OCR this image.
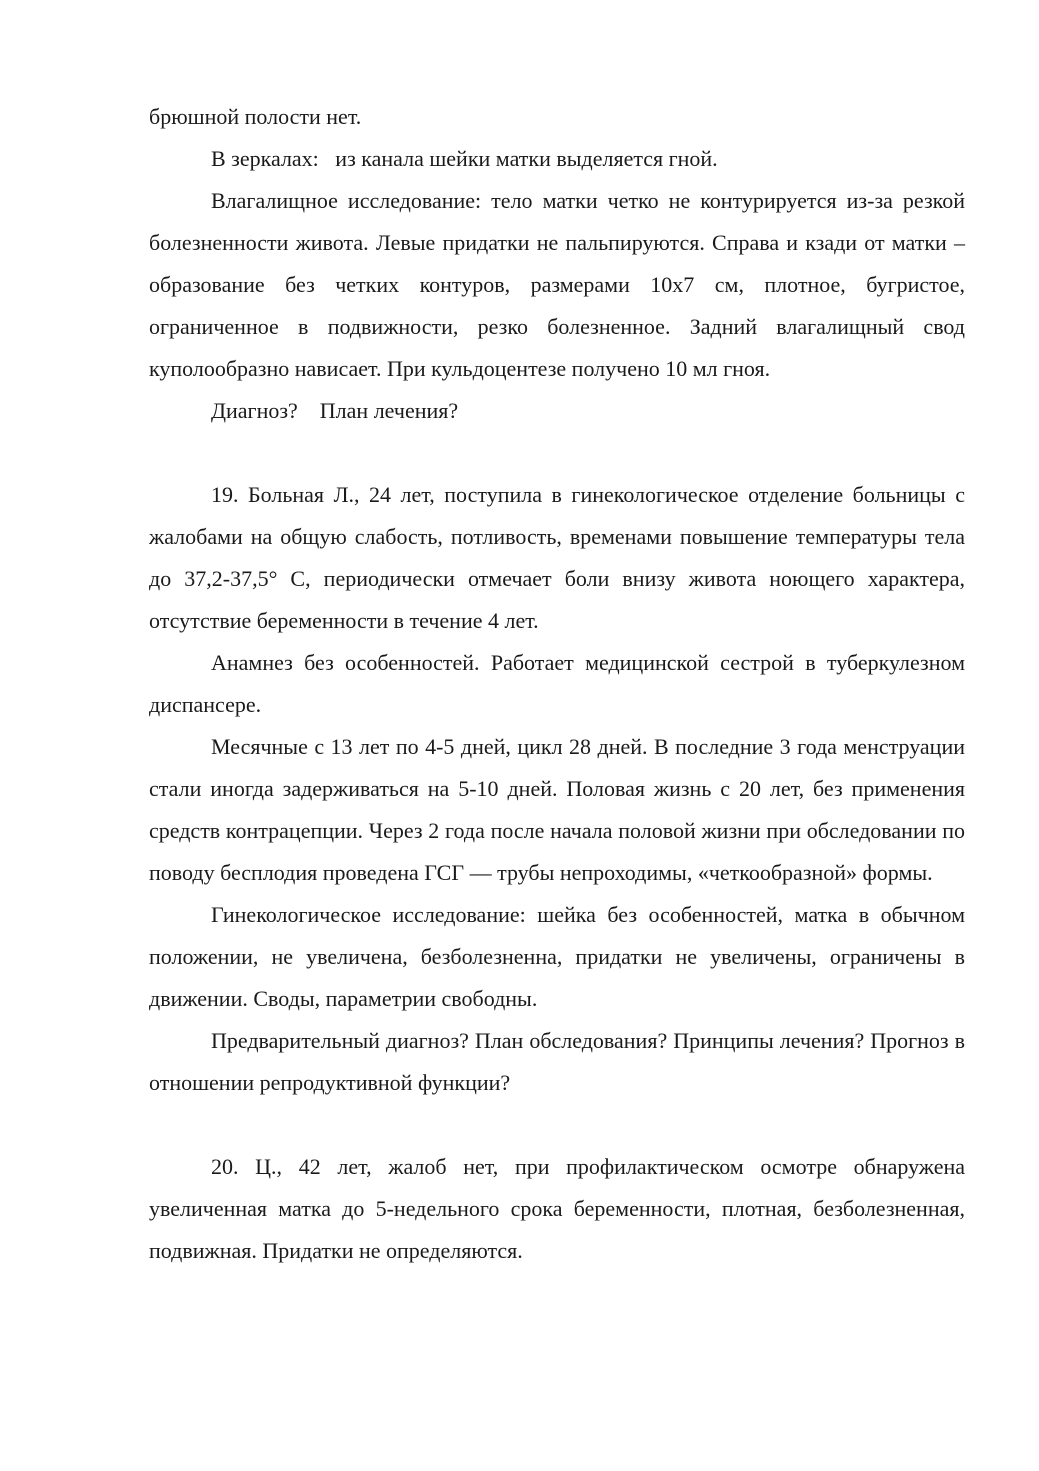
брюшной полости нет.

В зеркалах:   из канала шейки матки выделяется гной.

Влагалищное исследование: тело матки четко не контурируется из-за резкой болезненности живота. Левые придатки не пальпируются. Справа и кзади от матки – образование без четких контуров, размерами 10х7 см, плотное, бугристое, ограниченное в подвижности, резко болезненное. Задний влагалищный свод куполообразно нависает. При кульдоцентезе получено 10 мл гноя.

Диагноз?    План лечения?

19. Больная Л., 24 лет, поступила в гинекологическое отделение больницы с жалобами на общую слабость, потливость, временами повышение температуры тела до 37,2-37,5° С, периодически отмечает боли внизу живота ноющего характера, отсутствие беременности в течение 4 лет.

Анамнез без особенностей. Работает медицинской сестрой в туберкулезном диспансере.

Месячные с 13 лет по 4-5 дней, цикл 28 дней. В последние 3 года менструации стали иногда задерживаться на 5-10 дней. Половая жизнь с 20 лет, без применения средств контрацепции. Через 2 года после начала половой жизни при обследовании по поводу бесплодия проведена ГСГ — трубы непроходимы, «четкообразной» формы.

Гинекологическое исследование: шейка без особенностей, матка в обычном положении, не увеличена, безболезненна, придатки не увеличены, ограничены в движении. Своды, параметрии свободны.

Предварительный диагноз? План обследования? Принципы лечения? Прогноз в отношении репродуктивной функции?

20. Ц., 42 лет, жалоб нет, при профилактическом осмотре обнаружена увеличенная матка до 5-недельного срока беременности, плотная, безболезненная, подвижная. Придатки не определяются.
